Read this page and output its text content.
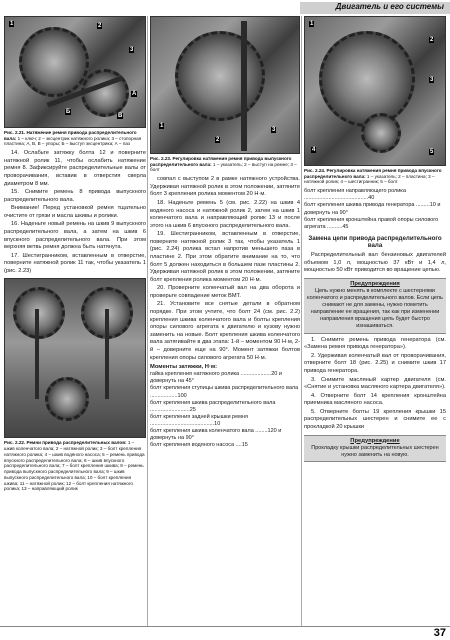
Двигатель и его системы
1	2
3
A
B
Б
Рис. 2.21. Натяжение ремня привода распределительного вала: 1 – ключ; 2 – эксцентрик натяжного ролика; 3 – стопорная пластина; А, В, В – упоры; Б – выступ эксцентрика; А – паз

14. Ослабьте затяжку болта 12 и поверните натяжной ролик 11, чтобы ослабить натяжение ремня 8. Зафиксируйте распределительные валы от проворачивания, вставив в отверстия сверла диаметром 8 мм.

15. Снимите ремень 8 привода выпускного распределительного вала.

Внимание! Перед установкой ремня тщательно очистите от грязи и масла шкивы и ролики.

16. Наденьте новый ремень на шкив 9 выпускного распределительного вала, а затем на шкив 6 впускного распределительного вала. При этом верхняя ветвь ремня должна быть натянута.

17. Шестигранником, вставленным в отверстие, поверните натяжной ролик 11 так, чтобы указатель 1 (рис. 2.23)

Рис. 2.22. Ремни привода распределительных валов: 1 – шкив коленчатого вала; 2 – натяжной ролик; 3 – болт крепления натяжного ролика; 4 – шкив водяного насоса; 5 – ремень привода впускного распределительного вала; 6 – шкив впускного распределительного вала; 7 – болт крепления шкива; 8 – ремень привода выпускного распределительного вала; 9 – шкив выпускного распределительного вала; 10 – болт крепления шкива; 11 – натяжной ролик; 12 – болт крепления натяжного ролика; 13 – направляющий ролик
1
2
3
Рис. 2.23. Регулировка натяжения ремня привода выпускного распределительного вала: 1 – указатель; 2 – выступ на ремне; 3 – болт

совпал с выступом 2 в рамке натяжного устройства. Удерживая натяжной ролик в этом положении, затяните болт 3 крепления ролика моментом 20 Н·м.

18. Наденьте ремень 5 (см. рис. 2.22) на шкив 4 водяного насоса и натяжной ролик 2, затем на шкив 1 коленчатого вала и направляющий ролик 13 и после этого на шкив 6 впускного распределительного вала.

19. Шестигранником, вставленным в отверстие, поверните натяжной ролик 3 так, чтобы указатель 1 (рис. 2.24) ролика встал напротив меньшего паза в пластине 2. При этом обратите внимание на то, что болт 5 должен находиться в большем пазе пластины 2. Удерживая натяжной ролик в этом положении, затяните болт крепления ролика моментом 20 Н·м.

20. Проверните коленчатый вал на два оборота и проверьте совпадение меток ВМТ.

21. Установите все снятые детали в обратном порядке. При этом учтите, что болт 24 (см. рис. 2.2) крепления шкива коленчатого вала и болты крепления опоры силового агрегата к двигателю и кузову нужно заменить на новые. Болт крепления шкива коленчатого вала затягивайте в два этапа: 1-й – моментом 90 Н·м, 2-й – доверните еще на 90°. Момент затяжки болтов крепления опоры силового агрегата 50 Н·м.

Моменты затяжки, Н·м:
гайка крепления натяжного ролика ....................20 и довернуть на 45°
болт крепления ступицы шкива распределительного вала ..................100
болт крепления шкива распределительного вала ..........................25
болт крепления задней крышки ремня ..........................................10
болт крепления шкива коленчатого вала ........120 и довернуть на 90°
болт крепления водяного насоса ....15
1
2
3
4	5
Рис. 2.24. Регулировка натяжения ремня привода впускного распределительного вала: 1 – указатель; 2 – пластина; 3 – натяжной ролик; 4 – шестигранник; 5 – болт
болт крепления направляющего ролика ..........................................40
болт крепления шкива привода генератора .........10 и довернуть на 90°
болт крепления кронштейна правой опоры силового агрегата ..........45
Замена цепи привода распределительного вала

Распределительный вал бензиновых двигателей объемом 1,0 л, мощностью 37 кВт и 1,4 л, мощностью 50 кВт приводится во вращение цепью.

Предупреждения

Цепь нужно менять в комплекте с шестернями коленчатого и распределительного валов. Если цепь снимают не для замены, нужно пометить направление ее вращения, так как при изменении направления вращения цепь будет быстро изнашиваться.

1. Снимите ремень привода генератора (см. «Замена ремня привода генератора»).

2. Удерживая коленчатый вал от проворачивания, отверните болт 18 (рис. 2.25) и снимите шкив 17 привода генератора.

3. Снимите масляный картер двигателя (см. «Снятие и установка масляного картера двигателя»).

4. Отверните болт 14 крепления кронштейна приемника масляного насоса.

5. Отверните болты 19 крепления крышки 15 распределительных шестерен и снимите ее с прокладкой 20 крышки

Предупреждение

Прокладку крышки распределительных шестерен нужно заменить на новую.

37
